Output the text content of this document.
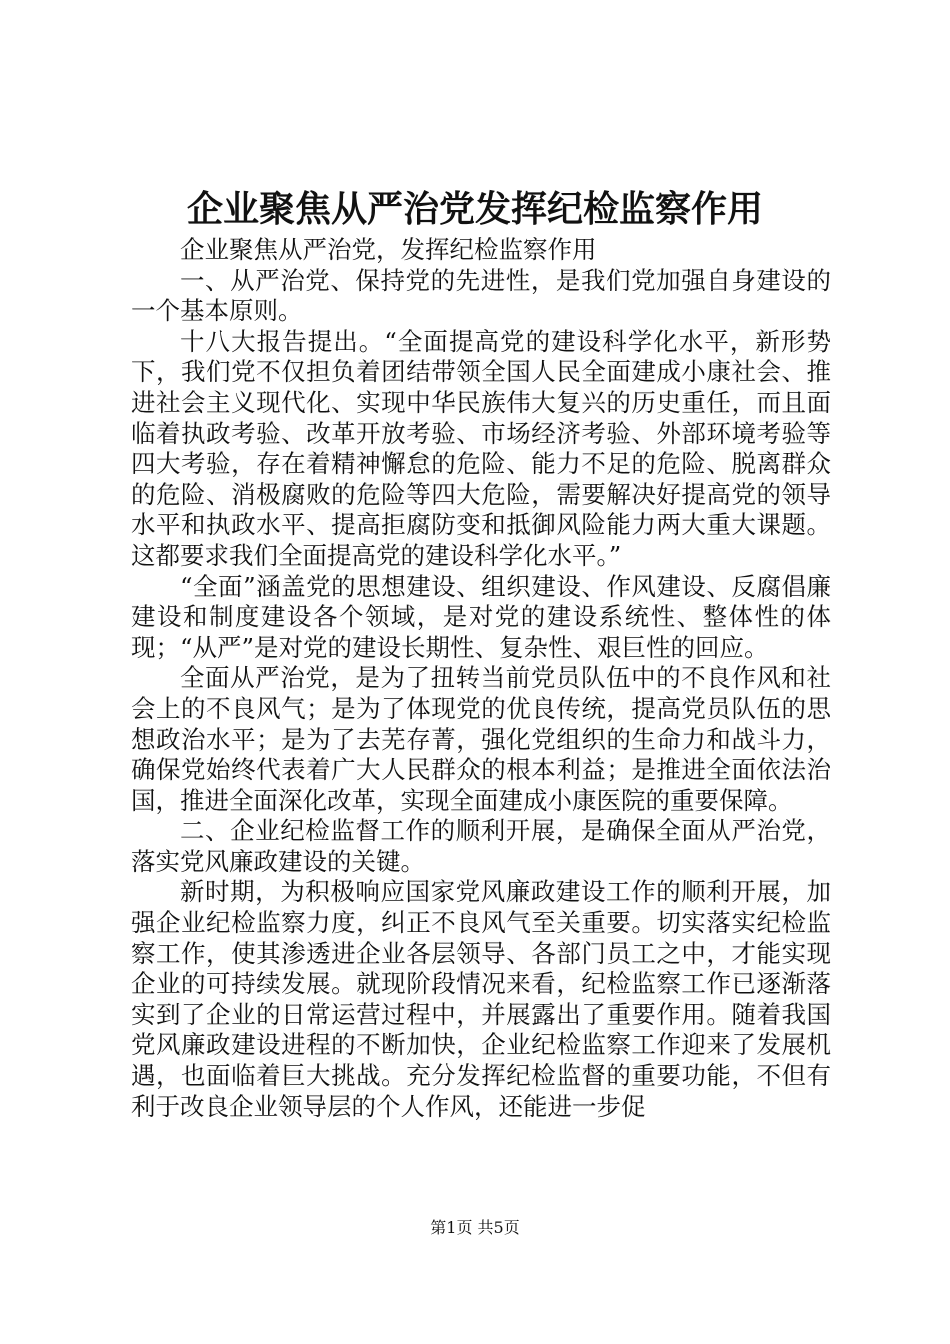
企业聚焦从严治党发挥纪检监察作用

企业聚焦从严治党，发挥纪检监察作用

一、从严治党、保持党的先进性，是我们党加强自身建设的一个基本原则。

十八大报告提出。“全面提高党的建设科学化水平，新形势下，我们党不仅担负着团结带领全国人民全面建成小康社会、推进社会主义现代化、实现中华民族伟大复兴的历史重任，而且面临着执政考验、改革开放考验、市场经济考验、外部环境考验等四大考验，存在着精神懈怠的危险、能力不足的危险、脱离群众的危险、消极腐败的危险等四大危险，需要解决好提高党的领导水平和执政水平、提高拒腐防变和抵御风险能力两大重大课题。这都要求我们全面提高党的建设科学化水平。”

“全面”涵盖党的思想建设、组织建设、作风建设、反腐倡廉建设和制度建设各个领域，是对党的建设系统性、整体性的体现；“从严”是对党的建设长期性、复杂性、艰巨性的回应。

全面从严治党，是为了扭转当前党员队伍中的不良作风和社会上的不良风气；是为了体现党的优良传统，提高党员队伍的思想政治水平；是为了去芜存菁，强化党组织的生命力和战斗力，确保党始终代表着广大人民群众的根本利益；是推进全面依法治国，推进全面深化改革，实现全面建成小康医院的重要保障。

二、企业纪检监督工作的顺利开展，是确保全面从严治党，落实党风廉政建设的关键。

新时期，为积极响应国家党风廉政建设工作的顺利开展，加强企业纪检监察力度，纠正不良风气至关重要。切实落实纪检监察工作，使其渗透进企业各层领导、各部门员工之中，才能实现企业的可持续发展。就现阶段情况来看，纪检监察工作已逐渐落实到了企业的日常运营过程中，并展露出了重要作用。随着我国党风廉政建设进程的不断加快，企业纪检监察工作迎来了发展机遇，也面临着巨大挑战。充分发挥纪检监督的重要功能，不但有利于改良企业领导层的个人作风，还能进一步促

第1页 共5页
